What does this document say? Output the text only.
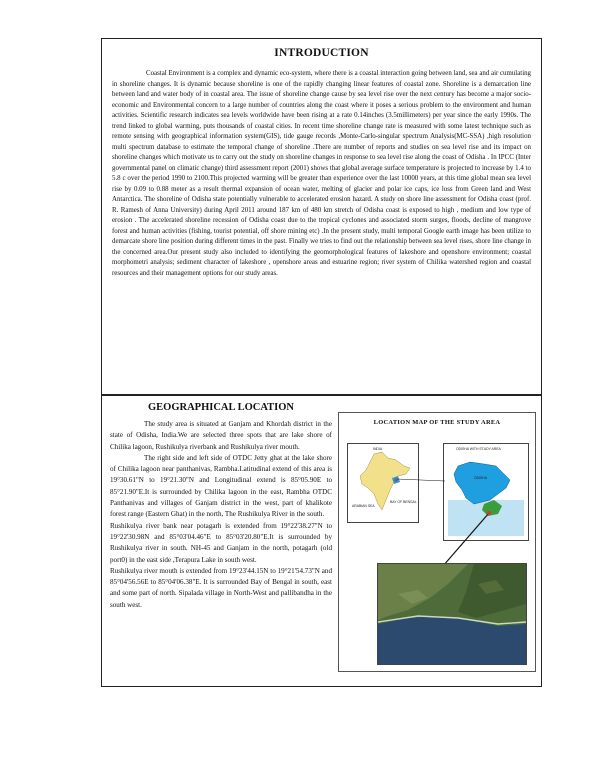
INTRODUCTION

Coastal Environment is a complex and dynamic eco-system, where there is a coastal interaction going between land, sea and air cumulating in shoreline changes. It is dynamic because shoreline is one of the rapidly changing linear features of coastal zone. Shoreline is a demarcation line between land and water body of in coastal area. The issue of shoreline change cause by sea level rise over the next century has become a major socio-economic and Environmental concern to a large number of countries along the coast where it poses a serious problem to the environment and human activities. Scientific research indicates sea levels worldwide have been rising at a rate 0.14inches (3.5millimeters) per year since the early 1990s. The trend linked to global warming, puts thousands of coastal cities. In recent time shoreline change rate is measured with some latest technique such as remote sensing with geographical information system(GIS), tide gauge records ,Monte-Carlo-singular spectrum Analysis(MC-SSA) ,high resolution multi spectrum database to estimate the temporal change of shoreline .There are number of reports and studies on sea level rise and its impact on shoreline changes which motivate us to carry out the study on shoreline changes in response to sea level rise along the coast of Odisha . In IPCC (Inter governmental panel on climatic change) third assessment report (2001) shows that global average surface temperature is projected to increase by 1.4 to 5.8 c over the period 1990 to 2100.This projected warming will be greater than experience over the last 10000 years, at this time global mean sea level rise by 0.09 to 0.88 meter as a result thermal expansion of ocean water, melting of glacier and polar ice caps, ice loss from Green land and West Antarctica. The shoreline of Odisha state potentially vulnerable to accelerated erosion hazard. A study on shore line assessment for Odisha coast (prof. R. Ramesh of Anna University) during April 2011 around 187 km of 480 km stretch of Odisha coast is exposed to high , medium and low type of erosion . The accelerated shoreline recession of Odisha coast due to the tropical cyclones and associated storm surges, floods, decline of mangrove forest and human activities (fishing, tourist potential, off shore mining etc) .In the present study, multi temporal Google earth image has been utilize to demarcate shore line position during different times in the past. Finally we tries to find out the relationship between sea level rises, shore line change in the concerned area.Our present study also included to identifying the geomorphological features of lakeshore and openshore environment; coastal morphometri analysis; sediment character of lakeshore , openshore areas and estuarine region; river system of Chilika watershed region and coastal resources and their management options for our study areas.

GEOGRAPHICAL LOCATION

The study area is situated at Ganjam and Khordah district in the state of Odisha, India.We are selected three spots that are lake shore of Chilika lagoon, Rushikulya riverbank and Rushikulya river mouth.

The right side and left side of OTDC Jetty ghat at the lake shore of Chilika lagoon near panthanivas, Rambha.Latitudinal extend of this area is 19°30.61"N to 19°21.30"N and Longitudinal extend is 85°05.90E to 85°21.90"E.It is surrounded by Chilika lagoon in the east, Rambha OTDC Panthanivas and villages of Ganjam district in the west, part of khalikote forest range (Eastern Ghat) in the north, The Rushikulya River in the south.

Rushikulya river bank near potagarh is extended from 19°22'38.27"N to 19°22'30.98N and 85°03'04.46"E to 85°03'20.80"E.It is surrounded by Rushikulya river in south. NH-45 and Ganjam in the north, potagarh (old port0) in the east side ,Terapura Lake in south west.

Rushikulya river mouth is extended from 19°23'44.15N to 19°21'54.73"N and 85°04'56.56E to 85°04'06.38"E. It is surrounded Bay of Bengal in south, east and some part of north. Sipalada village in North-West and pallibandha in the south west.

LOCATION MAP OF THE STUDY AREA
INDIA
ARABIAN SEA
BAY OF BENGAL
ODISHA WITH STUDY AREA
ODISHA
